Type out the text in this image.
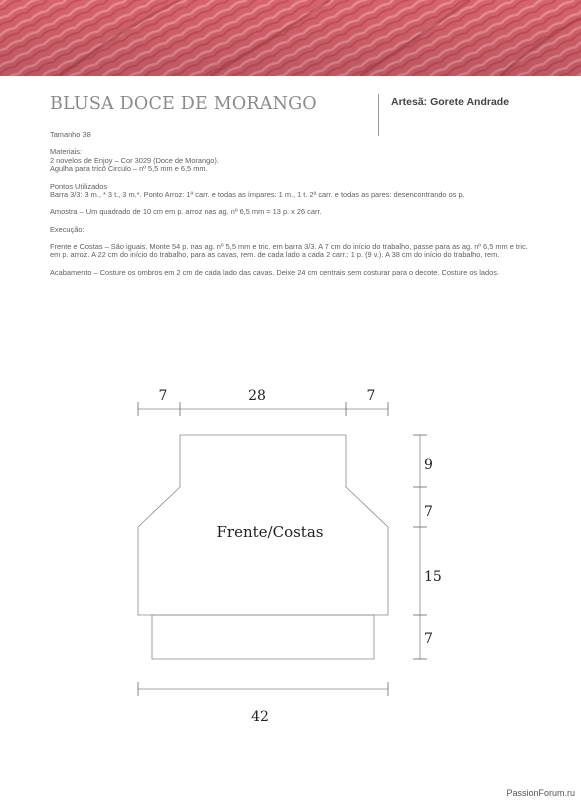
BLUSA DOCE DE MORANGO	Artesã: Gorete Andrade

Tamanho 38

Materiais:
2 novelos de Enjoy – Cor 3029 (Doce de Morango).
Agulha para tricô Circulo – nº 5,5 mm e 6,5 mm.

Pontos Utilizados
Barra 3/3: 3 m., * 3 t., 3 m.*. Ponto Arroz: 1ª carr. e todas as ímpares: 1 m., 1 t. 2ª carr. e todas as pares: desencontrando os p.

Amostra – Um quadrado de 10 cm em p. arroz nas ag. nº 6,5 mm = 13 p. x 26 carr.

Execução:

Frente e Costas – São iguais. Monte 54 p. nas ag. nº 5,5 mm e tric. em barra 3/3. A 7 cm do início do trabalho, passe para as ag. nº 6,5 mm e tric. em p. arroz. A 22 cm do início do trabalho, para as cavas, rem. de cada lado a cada 2 carr.: 1 p. (9 v.). A 38 cm do início do trabalho, rem.

Acabamento – Costure os ombros em 2 cm de cada lado das cavas. Deixe 24 cm centrais sem costurar para o decote. Costure os lados.

7	28	7
Frente/Costas
9
7
15
7
42
PassionForum.ru
